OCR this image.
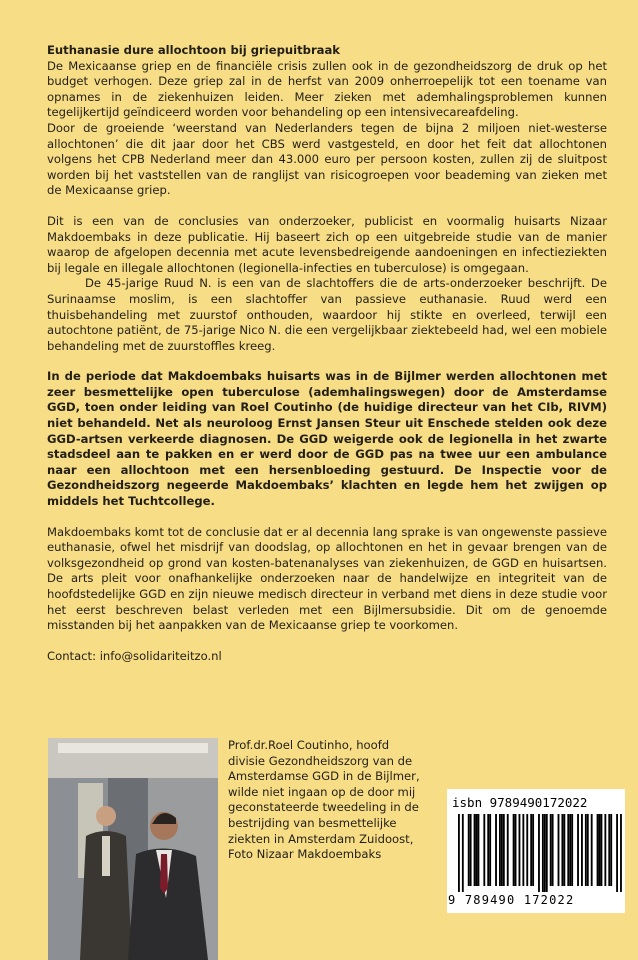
Euthanasie dure allochtoon bij griepuitbraak

De Mexicaanse griep en de financiële crisis zullen ook in de gezondheidszorg de druk op het budget verhogen. Deze griep zal in de herfst van 2009 onherroepelijk tot een toename van opnames in de ziekenhuizen leiden. Meer zieken met ademhalingsproblemen kunnen tegelijkertijd geïndiceerd worden voor behandeling op een intensivecareafdeling.

Door de groeiende ‘weerstand van Nederlanders tegen de bijna 2 miljoen niet-westerse allochtonen’ die dit jaar door het CBS werd vastgesteld, en door het feit dat allochtonen volgens het CPB Nederland meer dan 43.000 euro per persoon kosten, zullen zij de sluitpost worden bij het vaststellen van de ranglijst van risicogroepen voor beademing van zieken met de Mexicaanse griep.

Dit is een van de conclusies van onderzoeker, publicist en voormalig huisarts Nizaar Makdoembaks in deze publicatie. Hij baseert zich op een uitgebreide studie van de manier waarop de afgelopen decennia met acute levensbedreigende aandoeningen en infectieziekten bij legale en illegale allochtonen (legionella-infecties en tuberculose) is omgegaan.

De 45-jarige Ruud N. is een van de slachtoffers die de arts-onderzoeker beschrijft. De Surinaamse moslim, is een slachtoffer van passieve euthanasie. Ruud werd een thuisbehandeling met zuurstof onthouden, waardoor hij stikte en overleed, terwijl een autochtone patiënt, de 75-jarige Nico N. die een vergelijkbaar ziektebeeld had, wel een mobiele behandeling met de zuurstoffles kreeg.

In de periode dat Makdoembaks huisarts was in de Bijlmer werden allochtonen met zeer besmettelijke open tuberculose (ademhalingswegen) door de Amsterdamse GGD, toen onder leiding van Roel Coutinho (de huidige directeur van het CIb, RIVM) niet behandeld. Net als neuroloog Ernst Jansen Steur uit Enschede stelden ook deze GGD-artsen verkeerde diagnosen. De GGD weigerde ook de legionella in het zwarte stadsdeel aan te pakken en er werd door de GGD pas na twee uur een ambulance naar een allochtoon met een hersenbloeding gestuurd. De Inspectie voor de Gezondheidszorg negeerde Makdoembaks’ klachten en legde hem het zwijgen op middels het Tuchtcollege.

Makdoembaks komt tot de conclusie dat er al decennia lang sprake is van ongewenste passieve euthanasie, ofwel het misdrijf van doodslag, op allochtonen en het in gevaar brengen van de volksgezondheid op grond van kosten-batenanalyses van ziekenhuizen, de GGD en huisartsen. De arts pleit voor onafhankelijke onderzoeken naar de handelwijze en integriteit van de hoofdstedelijke GGD en zijn nieuwe medisch directeur in verband met diens in deze studie voor het eerst beschreven belast verleden met een Bijlmersubsidie. Dit om de genoemde misstanden bij het aanpakken van de Mexicaanse griep te voorkomen.

Contact: info@solidariteitzo.nl

Prof.dr.Roel Coutinho, hoofd divisie Gezondheidszorg van de Amsterdamse GGD in de Bijlmer, wilde niet ingaan op de door mij geconstateerde tweedeling in de bestrijding van besmettelijke ziekten in Amsterdam Zuidoost, Foto Nizaar Makdoembaks
isbn 9789490172022
9 789490 172022
